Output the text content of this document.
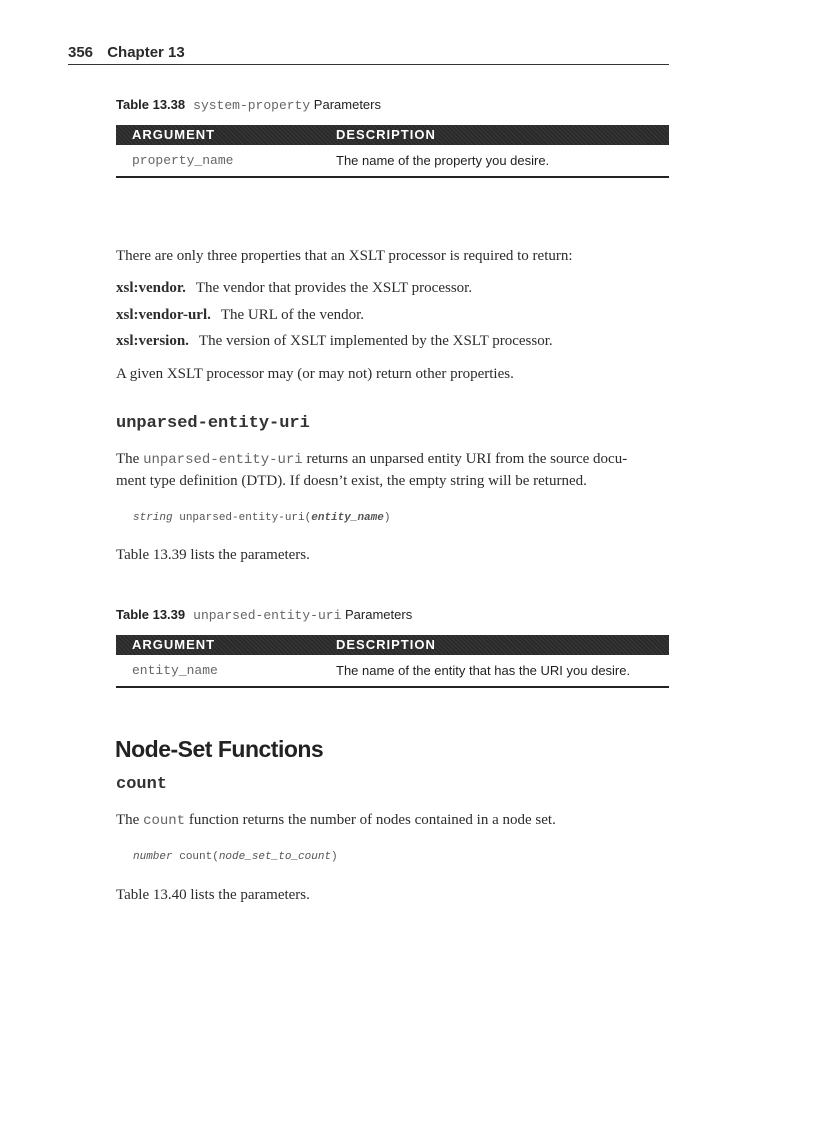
356 Chapter 13
Table 13.38 system-property Parameters
ARGUMENT	DESCRIPTION
property_name	The name of the property you desire.
There are only three properties that an XSLT processor is required to return:
xsl:vendor. The vendor that provides the XSLT processor.
xsl:vendor-url. The URL of the vendor.
xsl:version. The version of XSLT implemented by the XSLT processor.
A given XSLT processor may (or may not) return other properties.
unparsed-entity-uri
The unparsed-entity-uri returns an unparsed entity URI from the source docu-
ment type definition (DTD). If doesn’t exist, the empty string will be returned.
string unparsed-entity-uri(entity_name)
Table 13.39 lists the parameters.
Table 13.39 unparsed-entity-uri Parameters
ARGUMENT	DESCRIPTION
entity_name	The name of the entity that has the URI you desire.
Node-Set Functions
count
The count function returns the number of nodes contained in a node set.
number count(node_set_to_count)
Table 13.40 lists the parameters.
